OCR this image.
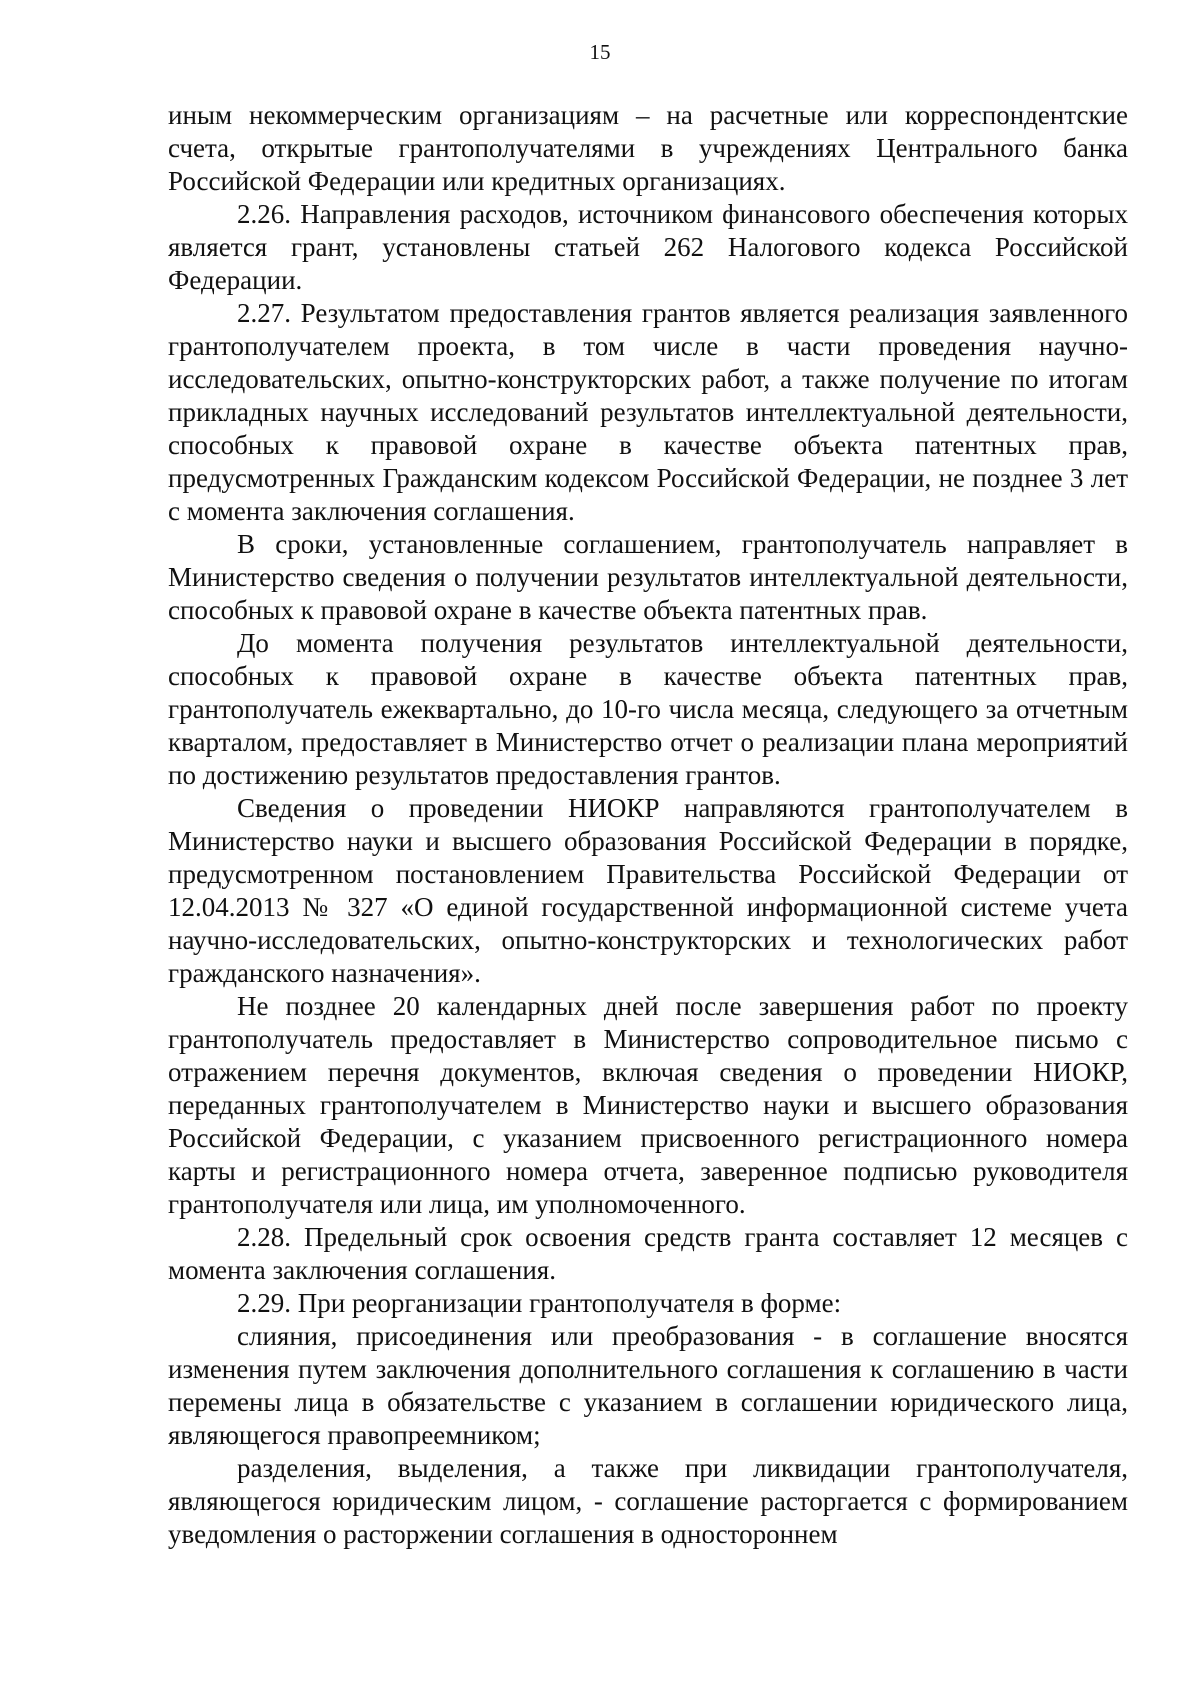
15

иным некоммерческим организациям – на расчетные или корреспондентские счета, открытые грантополучателями в учреждениях Центрального банка Российской Федерации или кредитных организациях.

2.26. Направления расходов, источником финансового обеспечения которых является грант, установлены статьей 262 Налогового кодекса Российской Федерации.

2.27. Результатом предоставления грантов является реализация заявленного грантополучателем проекта, в том числе в части проведения научно-исследовательских, опытно-конструкторских работ, а также получение по итогам прикладных научных исследований результатов интеллектуальной деятельности, способных к правовой охране в качестве объекта патентных прав, предусмотренных Гражданским кодексом Российской Федерации, не позднее 3 лет с момента заключения соглашения.

В сроки, установленные соглашением, грантополучатель направляет в Министерство сведения о получении результатов интеллектуальной деятельности, способных к правовой охране в качестве объекта патентных прав.

До момента получения результатов интеллектуальной деятельности, способных к правовой охране в качестве объекта патентных прав, грантополучатель ежеквартально, до 10-го числа месяца, следующего за отчетным кварталом, предоставляет в Министерство отчет о реализации плана мероприятий по достижению результатов предоставления грантов.

Сведения о проведении НИОКР направляются грантополучателем в Министерство науки и высшего образования Российской Федерации в порядке, предусмотренном постановлением Правительства Российской Федерации от 12.04.2013 № 327 «О единой государственной информационной системе учета научно-исследовательских, опытно-конструкторских и технологических работ гражданского назначения».

Не позднее 20 календарных дней после завершения работ по проекту грантополучатель предоставляет в Министерство сопроводительное письмо с отражением перечня документов, включая сведения о проведении НИОКР, переданных грантополучателем в Министерство науки и высшего образования Российской Федерации, с указанием присвоенного регистрационного номера карты и регистрационного номера отчета, заверенное подписью руководителя грантополучателя или лица, им уполномоченного.

2.28. Предельный срок освоения средств гранта составляет 12 месяцев с момента заключения соглашения.

2.29. При реорганизации грантополучателя в форме:

слияния, присоединения или преобразования - в соглашение вносятся изменения путем заключения дополнительного соглашения к соглашению в части перемены лица в обязательстве с указанием в соглашении юридического лица, являющегося правопреемником;

разделения, выделения, а также при ликвидации грантополучателя, являющегося юридическим лицом, - соглашение расторгается с формированием уведомления о расторжении соглашения в одностороннем
